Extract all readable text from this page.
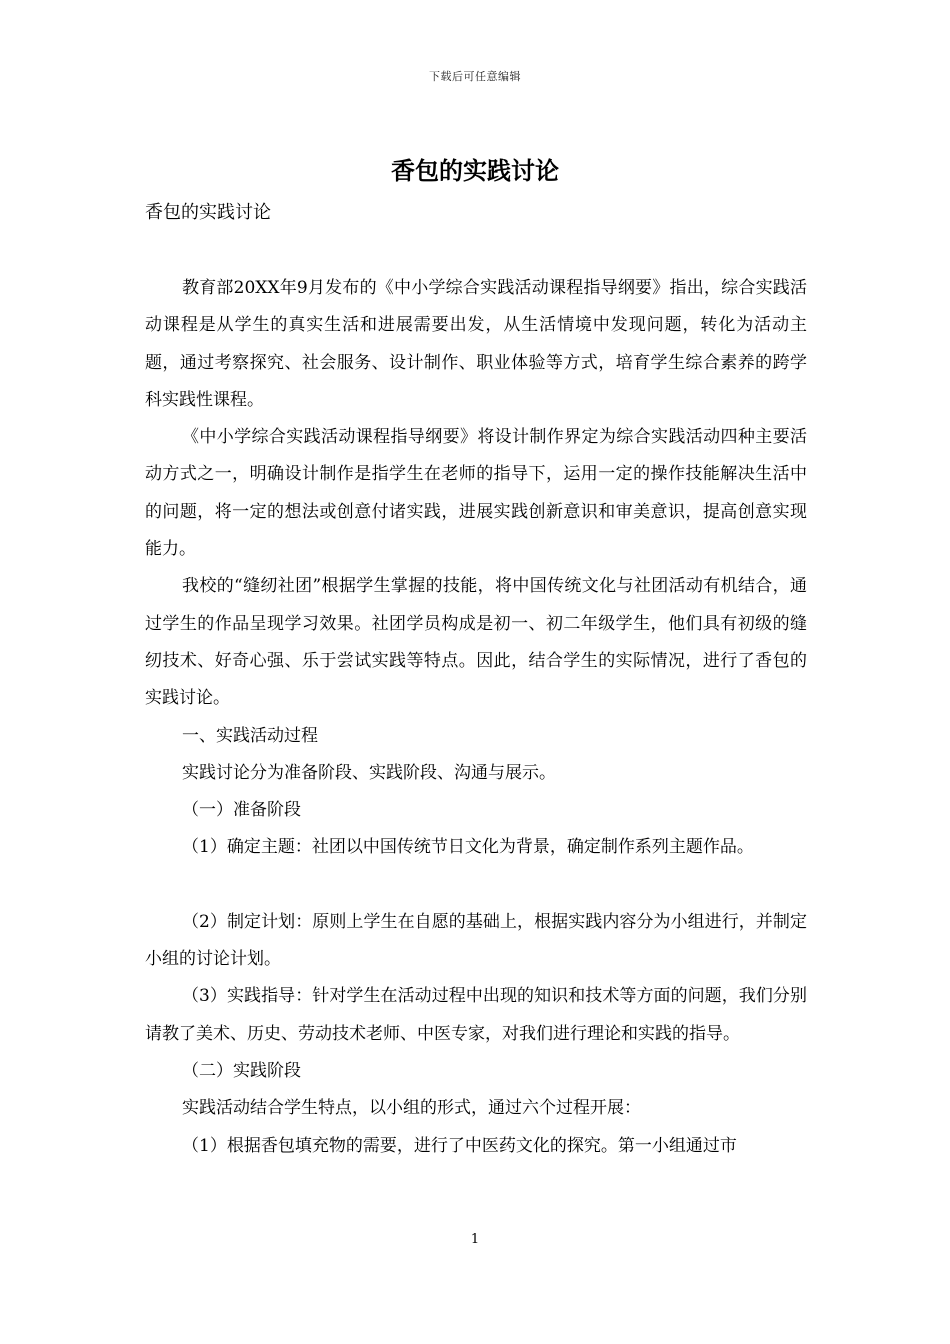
下载后可任意编辑
香包的实践讨论

香包的实践讨论

教育部20XX年9月发布的《中小学综合实践活动课程指导纲要》指出，综合实践活动课程是从学生的真实生活和进展需要出发，从生活情境中发现问题，转化为活动主题，通过考察探究、社会服务、设计制作、职业体验等方式，培育学生综合素养的跨学科实践性课程。

《中小学综合实践活动课程指导纲要》将设计制作界定为综合实践活动四种主要活动方式之一，明确设计制作是指学生在老师的指导下，运用一定的操作技能解决生活中的问题，将一定的想法或创意付诸实践，进展实践创新意识和审美意识，提高创意实现能力。

我校的“缝纫社团”根据学生掌握的技能，将中国传统文化与社团活动有机结合，通过学生的作品呈现学习效果。社团学员构成是初一、初二年级学生，他们具有初级的缝纫技术、好奇心强、乐于尝试实践等特点。因此，结合学生的实际情况，进行了香包的实践讨论。

一、实践活动过程

实践讨论分为准备阶段、实践阶段、沟通与展示。

（一）准备阶段

（1）确定主题：社团以中国传统节日文化为背景，确定制作系列主题作品。

（2）制定计划：原则上学生在自愿的基础上，根据实践内容分为小组进行，并制定小组的讨论计划。

（3）实践指导：针对学生在活动过程中出现的知识和技术等方面的问题，我们分别请教了美术、历史、劳动技术老师、中医专家，对我们进行理论和实践的指导。

（二）实践阶段

实践活动结合学生特点，以小组的形式，通过六个过程开展：

（1）根据香包填充物的需要，进行了中医药文化的探究。第一小组通过市

1
